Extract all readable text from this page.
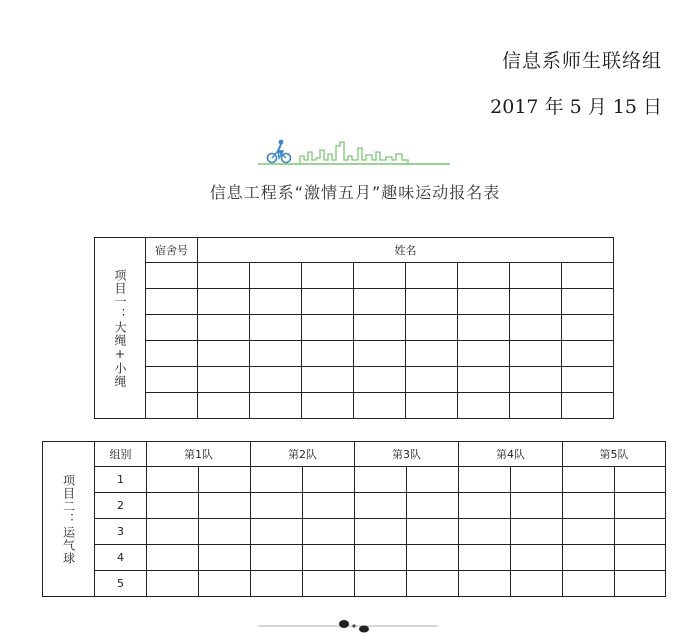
信息系师生联络组
2017 年 5 月 15 日
信息工程系“激情五月”趣味运动报名表
项目一：大绳+小绳	宿舍号	姓名							

项目二：运气球	组别	第1队		第2队		第3队		第4队		第5队	
	1										
	2										
	3										
	4										
	5										
